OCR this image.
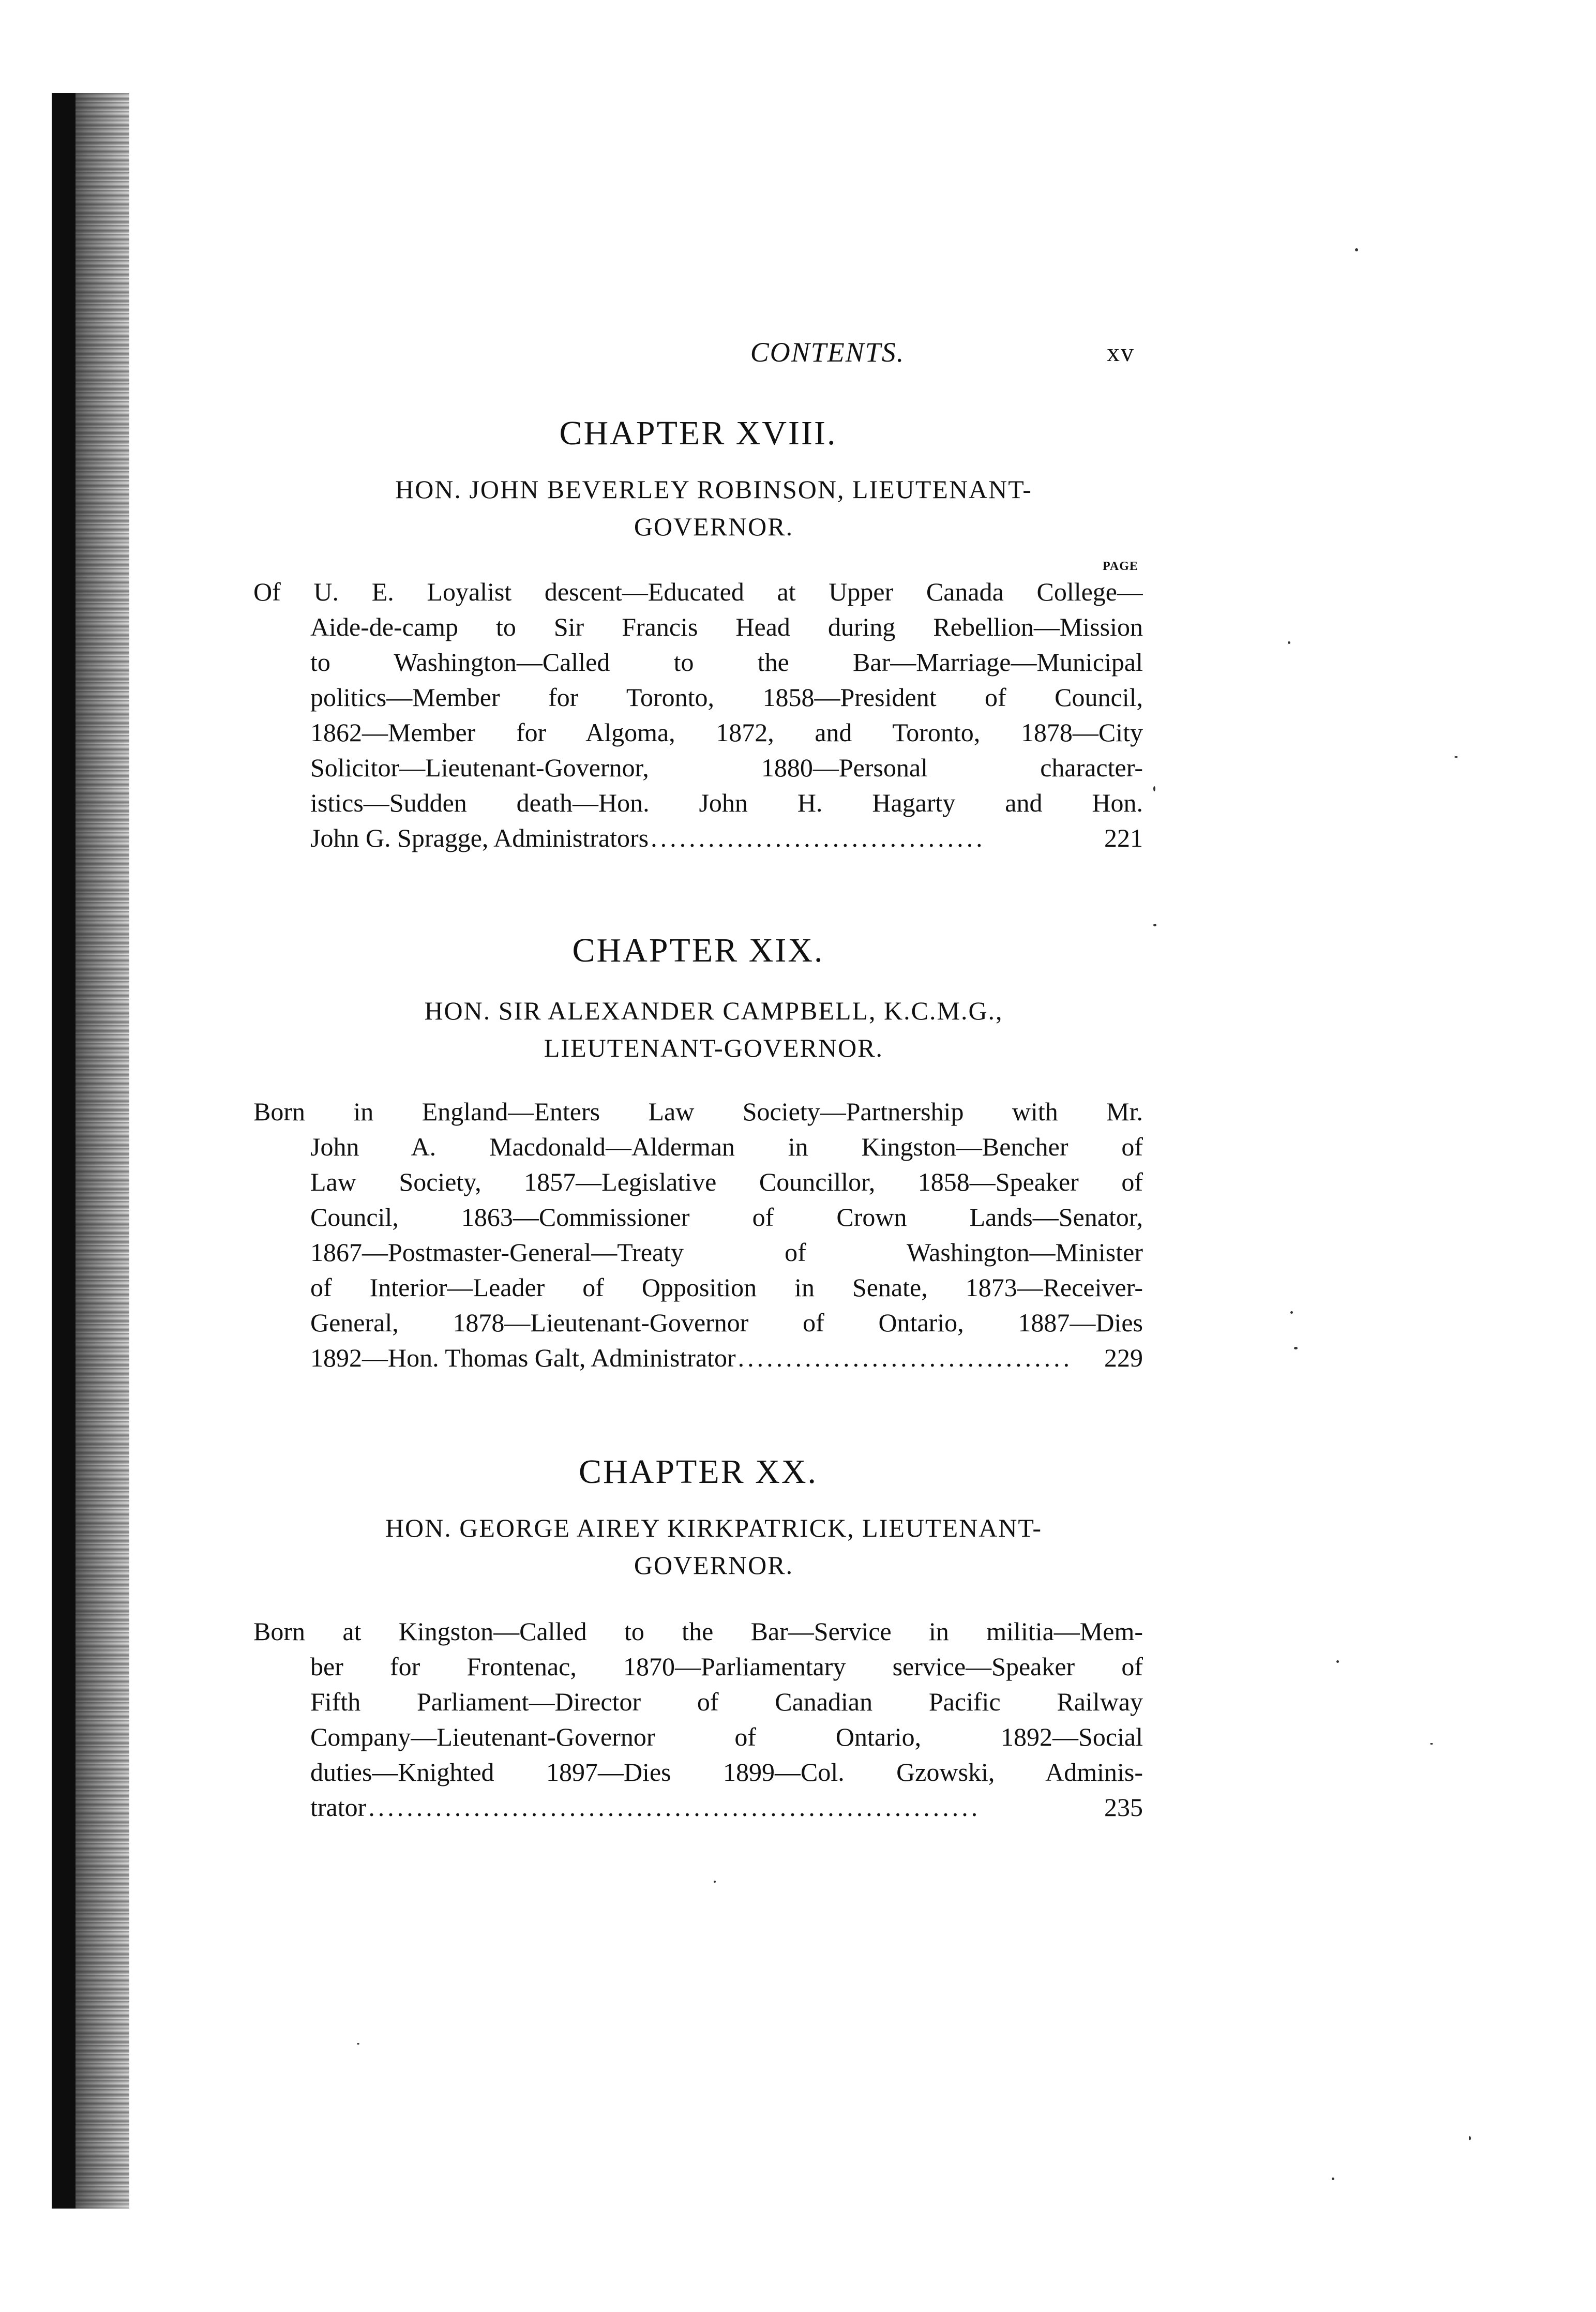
CONTENTS.	xv
CHAPTER XVIII.
HON. JOHN BEVERLEY ROBINSON, LIEUTENANT-
GOVERNOR.
PAGE
Of U. E. Loyalist descent—Educated at Upper Canada College—
Aide-de-camp to Sir Francis Head during Rebellion—Mission
to Washington—Called to the Bar—Marriage—Municipal
politics—Member for Toronto, 1858—President of Council,
1862—Member for Algoma, 1872, and Toronto, 1878—City
Solicitor—Lieutenant-Governor, 1880—Personal character-
istics—Sudden death—Hon. John H. Hagarty and Hon.
John G. Spragge, Administrators ...................................	221
CHAPTER XIX.
HON. SIR ALEXANDER CAMPBELL, K.C.M.G.,
LIEUTENANT-GOVERNOR.
Born in England—Enters Law Society—Partnership with Mr.
John A. Macdonald—Alderman in Kingston—Bencher of
Law Society, 1857—Legislative Councillor, 1858—Speaker of
Council, 1863—Commissioner of Crown Lands—Senator,
1867—Postmaster-General—Treaty of Washington—Minister
of Interior—Leader of Opposition in Senate, 1873—Receiver-
General, 1878—Lieutenant-Governor of Ontario, 1887—Dies
1892—Hon. Thomas Galt, Administrator ...................................	229
CHAPTER XX.
HON. GEORGE AIREY KIRKPATRICK, LIEUTENANT-
GOVERNOR.
Born at Kingston—Called to the Bar—Service in militia—Mem-
ber for Frontenac, 1870—Parliamentary service—Speaker of
Fifth Parliament—Director of Canadian Pacific Railway
Company—Lieutenant-Governor of Ontario, 1892—Social
duties—Knighted 1897—Dies 1899—Col. Gzowski, Adminis-
trator ................................................................	235
